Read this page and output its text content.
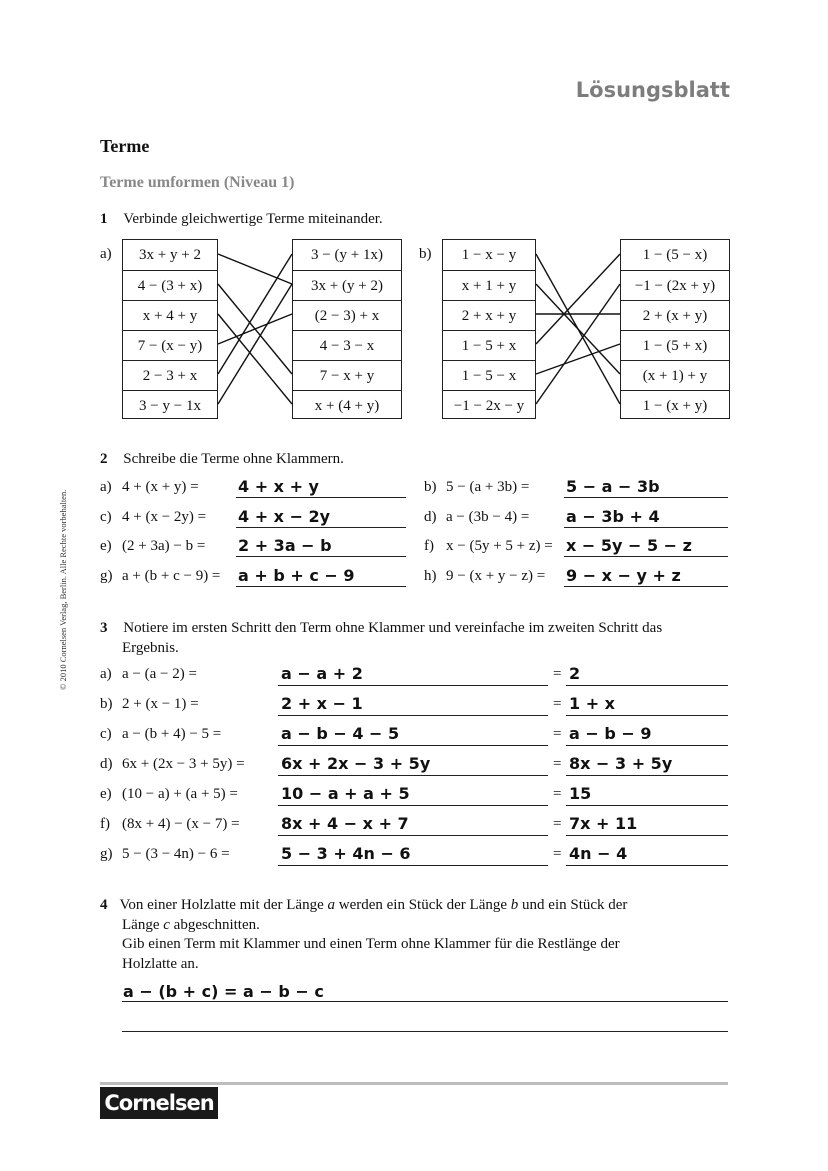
Lösungsblatt
Terme
Terme umformen (Niveau 1)
© 2010 Cornelsen Verlag, Berlin. Alle Rechte vorbehalten.
1 Verbinde gleichwertige Terme miteinander.
a)	b)
3x + y + 2
4 − (3 + x)
x + 4 + y
7 − (x − y)
2 − 3 + x
3 − y − 1x
3 − (y + 1x)
3x + (y + 2)
(2 − 3) + x
4 − 3 − x
7 − x + y
x + (4 + y)
1 − x − y
x + 1 + y
2 + x + y
1 − 5 + x
1 − 5 − x
−1 − 2x − y
1 − (5 − x)
−1 − (2x + y)
2 + (x + y)
1 − (5 + x)
(x + 1) + y
1 − (x + y)
2 Schreibe die Terme ohne Klammern.
a) 4 + (x + y) = 4 + x + y
c) 4 + (x − 2y) = 4 + x − 2y
e) (2 + 3a) − b = 2 + 3a − b
g) a + (b + c − 9) = a + b + c − 9
b) 5 − (a + 3b) = 5 − a − 3b
d) a − (3b − 4) = a − 3b + 4
f) x − (5y + 5 + z) = x − 5y − 5 − z
h) 9 − (x + y − z) = 9 − x − y + z
3 Notiere im ersten Schritt den Term ohne Klammer und vereinfache im zweiten Schritt das
Ergebnis.
a) a − (a − 2) =	a − a + 2	= 2
b) 2 + (x − 1) =	2 + x − 1	= 1 + x
c) a − (b + 4) − 5 =	a − b − 4 − 5	= a − b − 9
d) 6x + (2x − 3 + 5y) = 6x + 2x − 3 + 5y	= 8x − 3 + 5y
e) (10 − a) + (a + 5) =	10 − a + a + 5	= 15
f) (8x + 4) − (x − 7) =	8x + 4 − x + 7	= 7x + 11
g) 5 − (3 − 4n) − 6 =	5 − 3 + 4n − 6	= 4n − 4
4 Von einer Holzlatte mit der Länge a werden ein Stück der Länge b und ein Stück der
Länge c abgeschnitten.
Gib einen Term mit Klammer und einen Term ohne Klammer für die Restlänge der
Holzlatte an.
a − (b + c) = a − b − c
Cornelsen
